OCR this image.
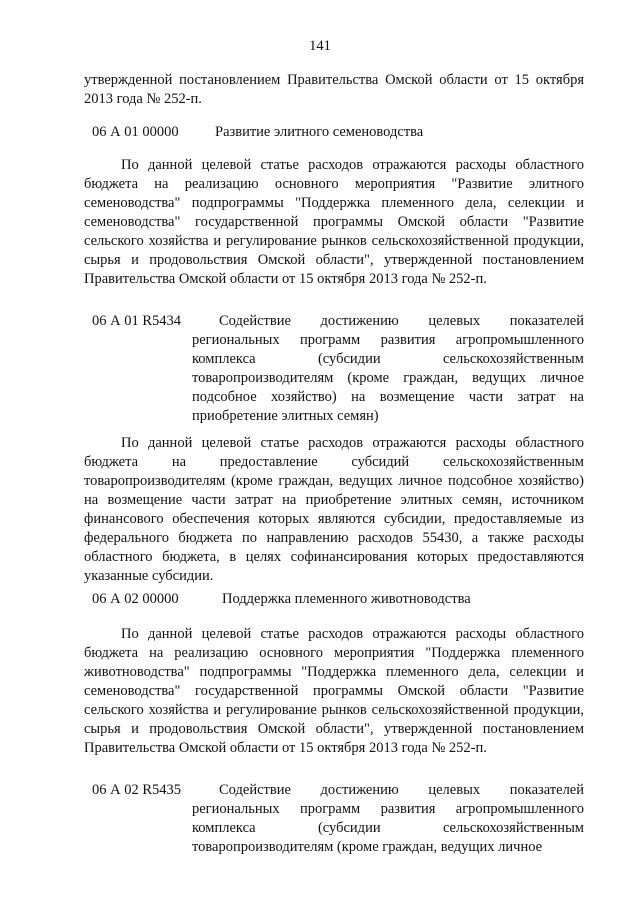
141
утвержденной постановлением Правительства Омской области от 15 октября 2013 года № 252-п.
06 А 01 00000	Развитие элитного семеноводства
По данной целевой статье расходов отражаются расходы областного бюджета на реализацию основного мероприятия "Развитие элитного семеноводства" подпрограммы "Поддержка племенного дела, селекции и семеноводства" государственной программы Омской области "Развитие сельского хозяйства и регулирование рынков сельскохозяйственной продукции, сырья и продовольствия Омской области", утвержденной постановлением Правительства Омской области от 15 октября 2013 года № 252-п.
06 А 01 R5434	Содействие достижению целевых показателей региональных программ развития агропромышленного комплекса (субсидии сельскохозяйственным товаропроизводителям (кроме граждан, ведущих личное подсобное хозяйство) на возмещение части затрат на приобретение элитных семян)
По данной целевой статье расходов отражаются расходы областного бюджета на предоставление субсидий сельскохозяйственным товаропроизводителям (кроме граждан, ведущих личное подсобное хозяйство) на возмещение части затрат на приобретение элитных семян, источником финансового обеспечения которых являются субсидии, предоставляемые из федерального бюджета по направлению расходов 55430, а также расходы областного бюджета, в целях софинансирования которых предоставляются указанные субсидии.
06 А 02 00000	Поддержка племенного животноводства
По данной целевой статье расходов отражаются расходы областного бюджета на реализацию основного мероприятия "Поддержка племенного животноводства" подпрограммы "Поддержка племенного дела, селекции и семеноводства" государственной программы Омской области "Развитие сельского хозяйства и регулирование рынков сельскохозяйственной продукции, сырья и продовольствия Омской области", утвержденной постановлением Правительства Омской области от 15 октября 2013 года № 252-п.
06 А 02 R5435	Содействие достижению целевых показателей региональных программ развития агропромышленного комплекса (субсидии сельскохозяйственным товаропроизводителям (кроме граждан, ведущих личное
